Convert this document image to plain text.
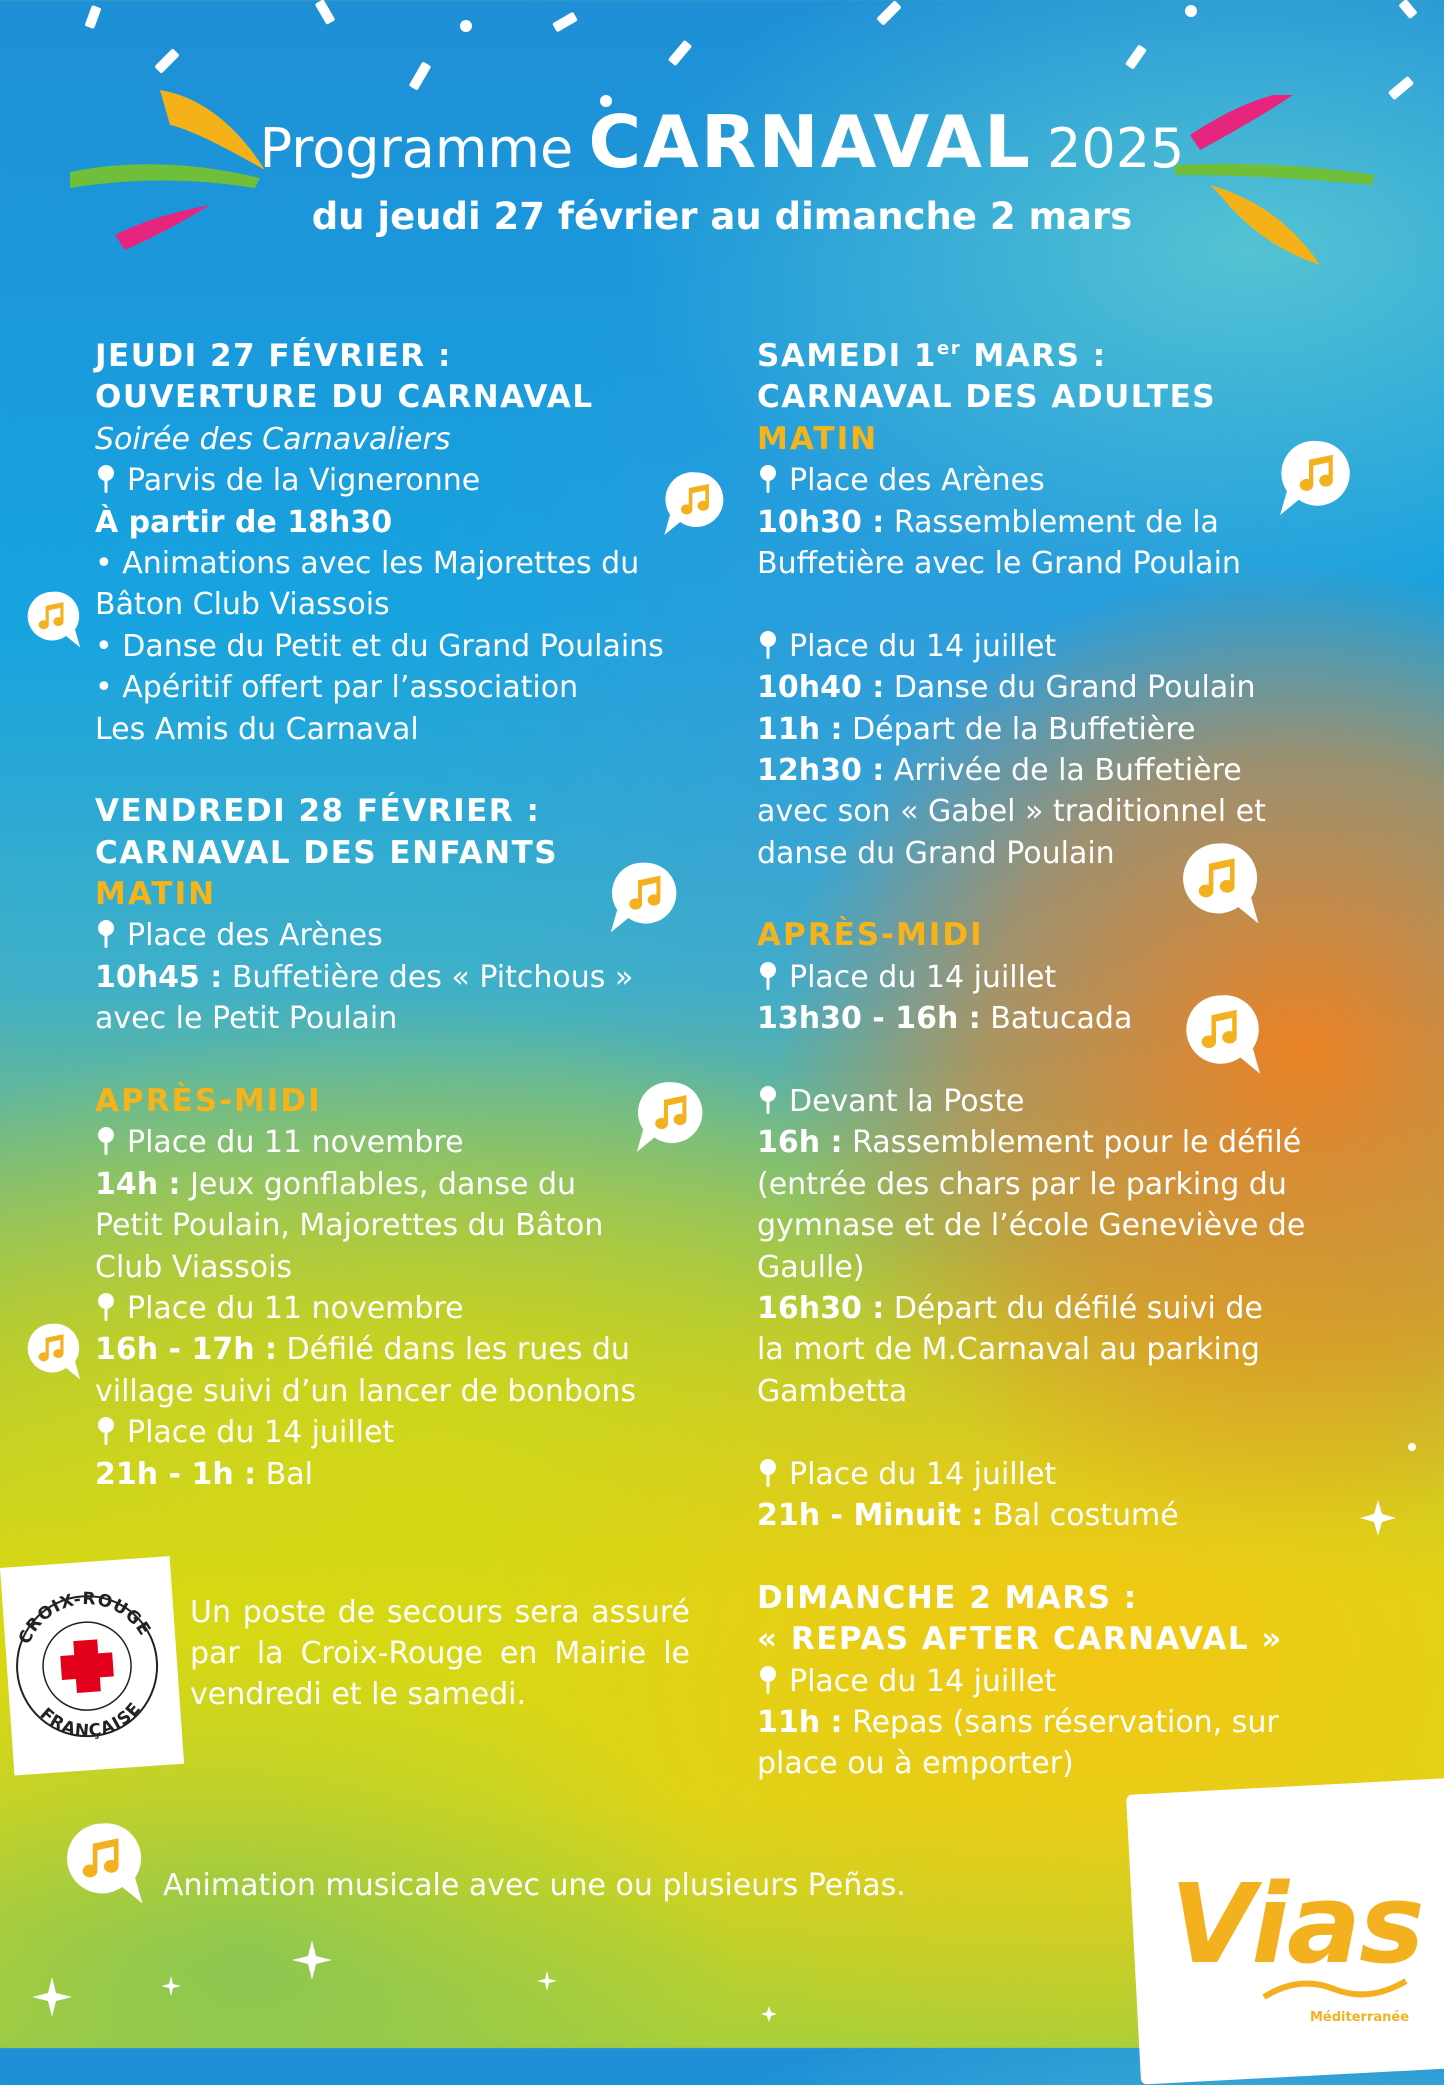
Programme CARNAVAL 2025
du jeudi 27 février au dimanche 2 mars
JEUDI 27 FÉVRIER :
OUVERTURE DU CARNAVAL
Soirée des Carnavaliers
Parvis de la Vigneronne
À partir de 18h30
• Animations avec les Majorettes du
Bâton Club Viassois
• Danse du Petit et du Grand Poulains
• Apéritif offert par l’association
Les Amis du Carnaval
VENDREDI 28 FÉVRIER :
CARNAVAL DES ENFANTS
MATIN
Place des Arènes
10h45 : Buffetière des « Pitchous »
avec le Petit Poulain
APRÈS-MIDI
Place du 11 novembre
14h : Jeux gonflables, danse du
Petit Poulain, Majorettes du Bâton
Club Viassois
Place du 11 novembre
16h - 17h : Défilé dans les rues du
village suivi d’un lancer de bonbons
Place du 14 juillet
21h - 1h : Bal
SAMEDI 1er MARS :
CARNAVAL DES ADULTES
MATIN
Place des Arènes
10h30 : Rassemblement de la
Buffetière avec le Grand Poulain
Place du 14 juillet
10h40 : Danse du Grand Poulain
11h : Départ de la Buffetière
12h30 : Arrivée de la Buffetière
avec son « Gabel » traditionnel et
danse du Grand Poulain
APRÈS-MIDI
Place du 14 juillet
13h30 - 16h : Batucada
Devant la Poste
16h : Rassemblement pour le défilé
(entrée des chars par le parking du
gymnase et de l’école Geneviève de
Gaulle)
16h30 : Départ du défilé suivi de
la mort de M.Carnaval au parking
Gambetta
Place du 14 juillet
21h - Minuit : Bal costumé
DIMANCHE 2 MARS :
« REPAS AFTER CARNAVAL »
Place du 14 juillet
11h : Repas (sans réservation, sur
place ou à emporter)
CROIX-ROUGE
FRANÇAISE
Un poste de secours sera assuré par la Croix-Rouge en Mairie le vendredi et le samedi.
Animation musicale avec une ou plusieurs Peñas. Vias
Méditerranée
